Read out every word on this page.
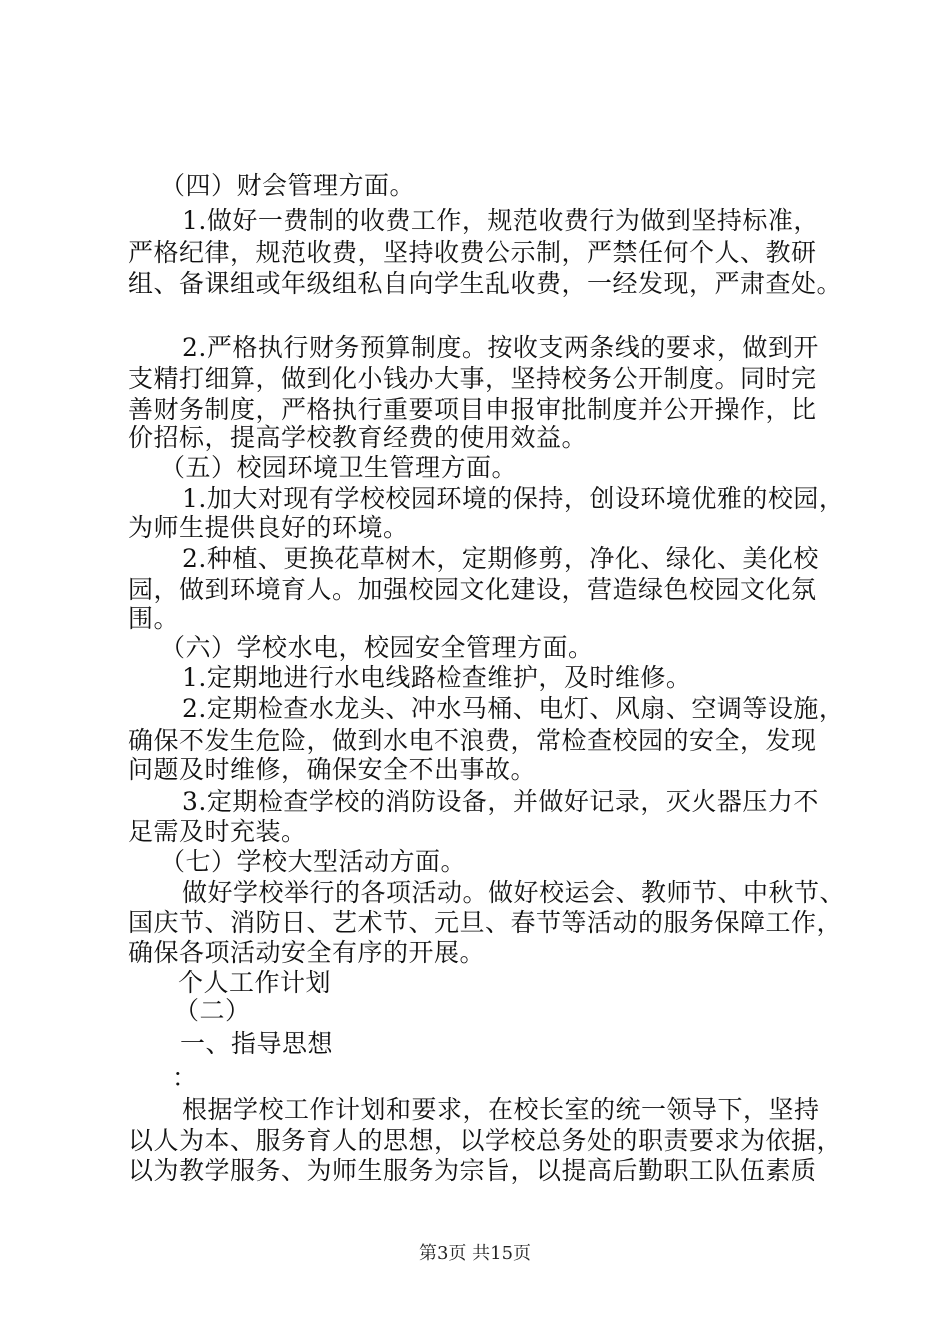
（四）财会管理方面。
1.做好一费制的收费工作，规范收费行为做到坚持标准，
严格纪律，规范收费，坚持收费公示制，严禁任何个人、教研
组、备课组或年级组私自向学生乱收费，一经发现，严肃查处。
2.严格执行财务预算制度。按收支两条线的要求，做到开
支精打细算，做到化小钱办大事，坚持校务公开制度。同时完
善财务制度，严格执行重要项目申报审批制度并公开操作，比
价招标，提高学校教育经费的使用效益。
（五）校园环境卫生管理方面。
1.加大对现有学校校园环境的保持，创设环境优雅的校园，
为师生提供良好的环境。
2.种植、更换花草树木，定期修剪，净化、绿化、美化校
园，做到环境育人。加强校园文化建设，营造绿色校园文化氛
围。
（六）学校水电，校园安全管理方面。
1.定期地进行水电线路检查维护，及时维修。
2.定期检查水龙头、冲水马桶、电灯、风扇、空调等设施，
确保不发生危险，做到水电不浪费，常检查校园的安全，发现
问题及时维修，确保安全不出事故。
3.定期检查学校的消防设备，并做好记录，灭火器压力不
足需及时充装。
（七）学校大型活动方面。
做好学校举行的各项活动。做好校运会、教师节、中秋节、
国庆节、消防日、艺术节、元旦、春节等活动的服务保障工作，
确保各项活动安全有序的开展。
个人工作计划
（二）
一、指导思想
：
根据学校工作计划和要求，在校长室的统一领导下，坚持
以人为本、服务育人的思想，以学校总务处的职责要求为依据，
以为教学服务、为师生服务为宗旨，以提高后勤职工队伍素质
第3页 共15页
